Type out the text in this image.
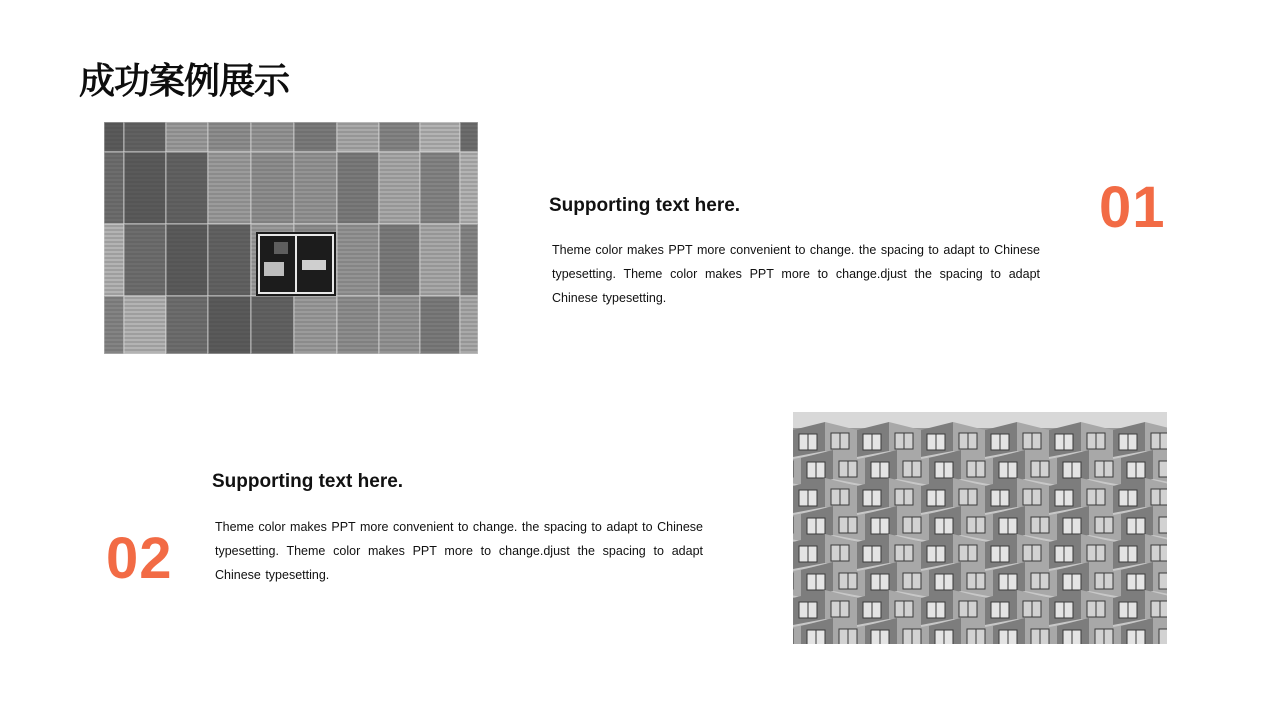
成功案例展示
Supporting text here.
Theme color makes PPT more convenient to change. the spacing to adapt to Chinese typesetting. Theme color makes PPT more to change.djust the spacing to adapt Chinese typesetting.
01
02
Supporting text here.
Theme color makes PPT more convenient to change. the spacing to adapt to Chinese typesetting. Theme color makes PPT more to change.djust the spacing to adapt Chinese typesetting.
